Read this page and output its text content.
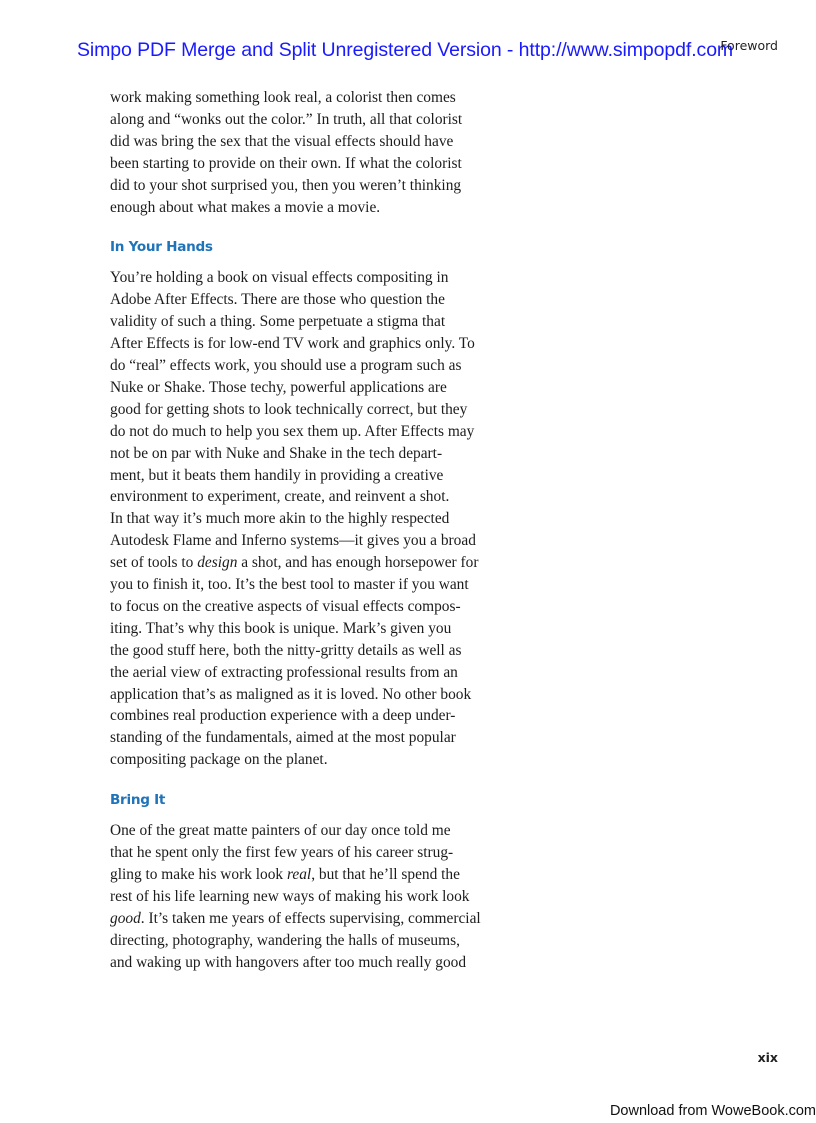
Simpo PDF Merge and Split Unregistered Version - http://www.simpopdf.com
Foreword

work making something look real, a colorist then comes
along and “wonks out the color.” In truth, all that colorist
did was bring the sex that the visual effects should have
been starting to provide on their own. If what the colorist
did to your shot surprised you, then you weren’t thinking
enough about what makes a movie a movie.

In Your Hands

You’re holding a book on visual effects compositing in
Adobe After Effects. There are those who question the
validity of such a thing. Some perpetuate a stigma that
After Effects is for low-end TV work and graphics only. To
do “real” effects work, you should use a program such as
Nuke or Shake. Those techy, powerful applications are
good for getting shots to look technically correct, but they
do not do much to help you sex them up. After Effects may
not be on par with Nuke and Shake in the tech depart-
ment, but it beats them handily in providing a creative
environment to experiment, create, and reinvent a shot.
In that way it’s much more akin to the highly respected
Autodesk Flame and Inferno systems—it gives you a broad
set of tools to design a shot, and has enough horsepower for
you to finish it, too. It’s the best tool to master if you want
to focus on the creative aspects of visual effects compos-
iting. That’s why this book is unique. Mark’s given you
the good stuff here, both the nitty-gritty details as well as
the aerial view of extracting professional results from an
application that’s as maligned as it is loved. No other book
combines real production experience with a deep under-
standing of the fundamentals, aimed at the most popular
compositing package on the planet.

Bring It

One of the great matte painters of our day once told me
that he spent only the first few years of his career strug-
gling to make his work look real, but that he’ll spend the
rest of his life learning new ways of making his work look
good. It’s taken me years of effects supervising, commercial
directing, photography, wandering the halls of museums,
and waking up with hangovers after too much really good

xix
Download from WoweBook.com
